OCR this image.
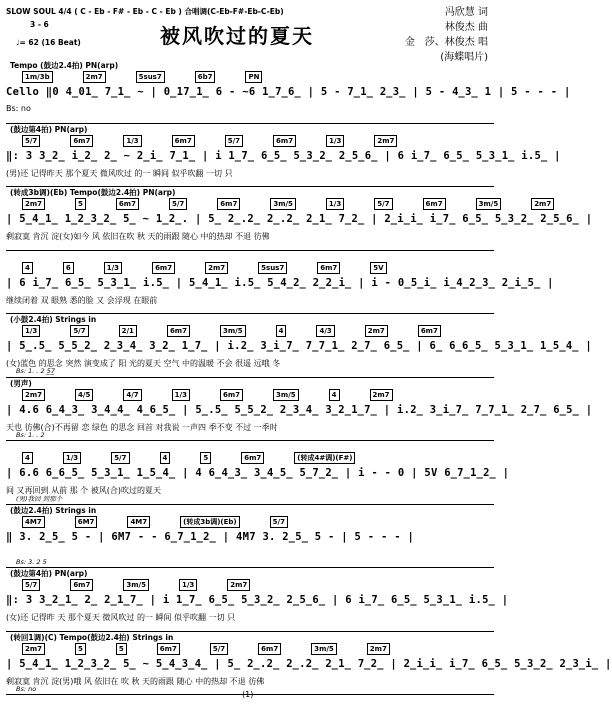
SLOW SOUL 4/4 ( C - Eb - F# - Eb - C - Eb ) 合唱调(C-Eb-F#-Eb-C-Eb)
3 - 6
♩= 62 (16 Beat)	被风吹过的夏天
冯欣慧 词
林俊杰 曲
金　莎、林俊杰 唱
(海蝶唱片)
Tempo (鼓边2.4拍) PN(arp)
1m/3b	2m7	5sus7	6b7	PN
Cello ‖0 4̲01̲ 7̲1̲ ~ | 0̲17̲1̲ 6 - ~6 1̲7̲6̲ | 5 - 7̲1̲ 2̲3̲ | 5 - 4̲3̲ 1 | 5 - - - |
Bs: no
(鼓边第4拍) PN(arp)
5/7	6m7	1/3	6m7	5/7	6m7	1/3	2m7
‖: 3 3̲2̲ i̲2̲ 2̲ ~ 2̲i̲ 7̲1̲ | i 1̲7̲ 6̲5̲ 5̲3̲2̲ 2̲5̲6̲ | 6 i̲7̲ 6̲5̲ 5̲3̲1̲ i.5̲ |
(男)还 记得昨天 那个夏天 微风吹过 的一 瞬间 似乎吹翻 一切 只
(转成3b调)(Eb) Tempo(鼓边2.4拍) PN(arp)
2m7	5	6m7	5/7	6m7	3m/5	1/3	5/7	6m7	3m/5	2m7
| 5̲4̲1̲ 1̲2̲3̲2̲ 5̲ ~ 1̲2̲. | 5̲ 2̲.2̲ 2̲.2̲ 2̲1̲ 7̲2̲ | 2̲i̲i̲ i̲7̲ 6̲5̲ 5̲3̲2̲ 2̲5̲6̲ |
剩寂寞 肯沉 淀(女)如今 风 依旧在吹 秋 天的雨跟 随心 中的热却 不退 彷佛
4	6	1/3	6m7	2m7	5sus7	6m7	5V
| 6 i̲7̲ 6̲5̲ 5̲3̲1̲ i.5̲ | 5̲4̲1̲ i.5̲ 5̲4̲2̲ 2̲2̲i̲ | i - 0̲5̲i̲ i̲4̲2̲3̲ 2̲i̲5̲ |
继续闭着 双 眼熟 悉的脸 又 会浮现 在眼前
(小鼓2.4拍) Strings in
1/3	5/7	2/1	6m7	3m/5	4	4/3	2m7	6m7
| 5̲.5̲ 5̲5̲2̲ 2̲3̲4̲ 3̲2̲ 1̲7̲ | i.2̲ 3̲i̲7̲ 7̲7̲1̲ 2̲7̲ 6̲5̲ | 6̲ 6̲6̲5̲ 5̲3̲1̲ 1̲5̲4̲ |
(女)蓝色 的思念 突然 演变成了 阳 光的夏天 空气 中的温暖 不会 很遥 远哦 冬
Bs: 1. . 2 5̲7̲
(男声)
2m7	4/5	4/7	1/3	6m7	3m/5	4	2m7
| 4.6 6̲4̲3̲ 3̲4̲4̲ 4̲6̲5̲ | 5̲.5̲ 5̲5̲2̲ 2̲3̲4̲ 3̲2̲1̲7̲ | i.2̲ 3̲i̲7̲ 7̲7̲1̲ 2̲7̲ 6̲5̲ |
天也 彷佛(合)不再留 恋 绿色 的思念 回首 对我说 一声四 季不变 不过 一季时
Bs: 1. . 2
4	1/3	5/7	4	5	6m7	(转成4#调)(F#)
| 6.6 6̲6̲5̲ 5̲3̲1̲ 1̲5̲4̲ | 4 6̲4̲3̲ 3̲4̲5̲ 5̲7̲2̲ | i - - 0 | 5V 6̲7̲1̲2̲ |
间 又再回到 从前 那 个 被风(合)吹过的夏天
(男)我回 到那个
(鼓边2.4拍) Strings in
4M7	6M7	4M7	(转成3b调)(Eb)	5/7
‖ 3. 2̲5̲ 5 - | 6M7 - - 6̲7̲1̲2̲ | 4M7 3. 2̲5̲ 5 - | 5 - - - |
Bs: 3. 2 5
(鼓边第4拍) PN(arp)
5/7	6m7	3m/5	1/3	2m7
‖: 3 3̲2̲1̲ 2̲ 2̲1̲7̲ | i 1̲7̲ 6̲5̲ 5̲3̲2̲ 2̲5̲6̲ | 6 i̲7̲ 6̲5̲ 5̲3̲1̲ i.5̲ |
(女)还 记得昨 天 那个夏天 微风吹过 的一 瞬间 似乎吹翻 一切 只
(转回1调)(C) Tempo(鼓边2.4拍) Strings in
2m7	5	5	6m7	5/7	6m7	3m/5	2m7
| 5̲4̲1̲ 1̲2̲3̲2̲ 5̲ ~ 5̲4̲3̲4̲ | 5̲ 2̲.2̲ 2̲.2̲ 2̲1̲ 7̲2̲ | 2̲i̲i̲ i̲7̲ 6̲5̲ 5̲3̲2̲ 2̲3̲i̲ |
剩寂寞 肯沉 淀(男)哦 风 依旧在 吹 秋 天的雨跟 随心 中的热却 不退 彷佛
Bs: no
(1)
